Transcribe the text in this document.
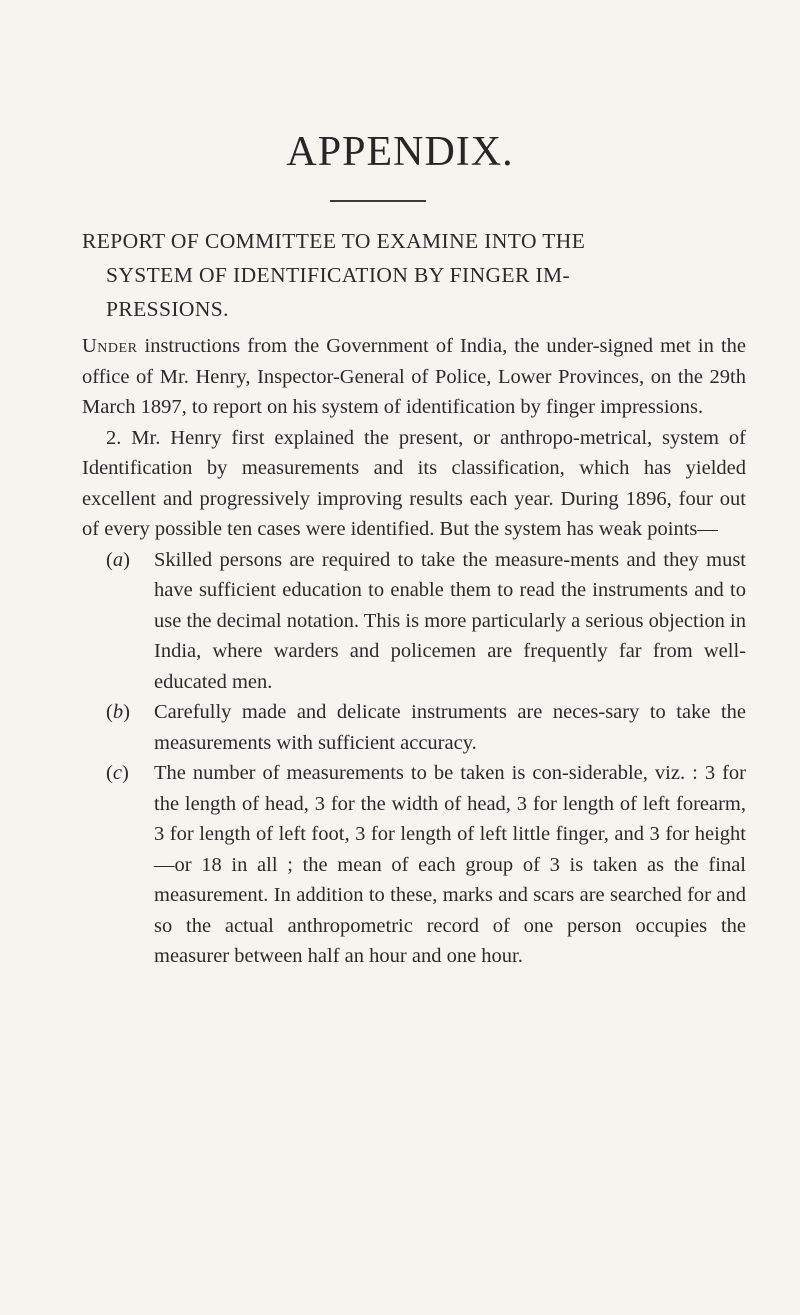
APPENDIX.
REPORT OF COMMITTEE TO EXAMINE INTO THE
SYSTEM OF IDENTIFICATION BY FINGER IM-
PRESSIONS.

Under instructions from the Government of India, the under-signed met in the office of Mr. Henry, Inspector-General of Police, Lower Provinces, on the 29th March 1897, to report on his system of identification by finger impressions.

2. Mr. Henry first explained the present, or anthropo-metrical, system of Identification by measurements and its classification, which has yielded excellent and progressively improving results each year. During 1896, four out of every possible ten cases were identified. But the system has weak points—

(a)	Skilled persons are required to take the measure-ments and they must have sufficient education to enable them to read the instruments and to use the decimal notation. This is more particularly a serious objection in India, where warders and policemen are frequently far from well-educated men.

(b)	Carefully made and delicate instruments are neces-sary to take the measurements with sufficient accuracy.

(c)	The number of measurements to be taken is con-siderable, viz. : 3 for the length of head, 3 for the width of head, 3 for length of left forearm, 3 for length of left foot, 3 for length of left little finger, and 3 for height—or 18 in all ; the mean of each group of 3 is taken as the final measurement. In addition to these, marks and scars are searched for and so the actual anthropometric record of one person occupies the measurer between half an hour and one hour.
